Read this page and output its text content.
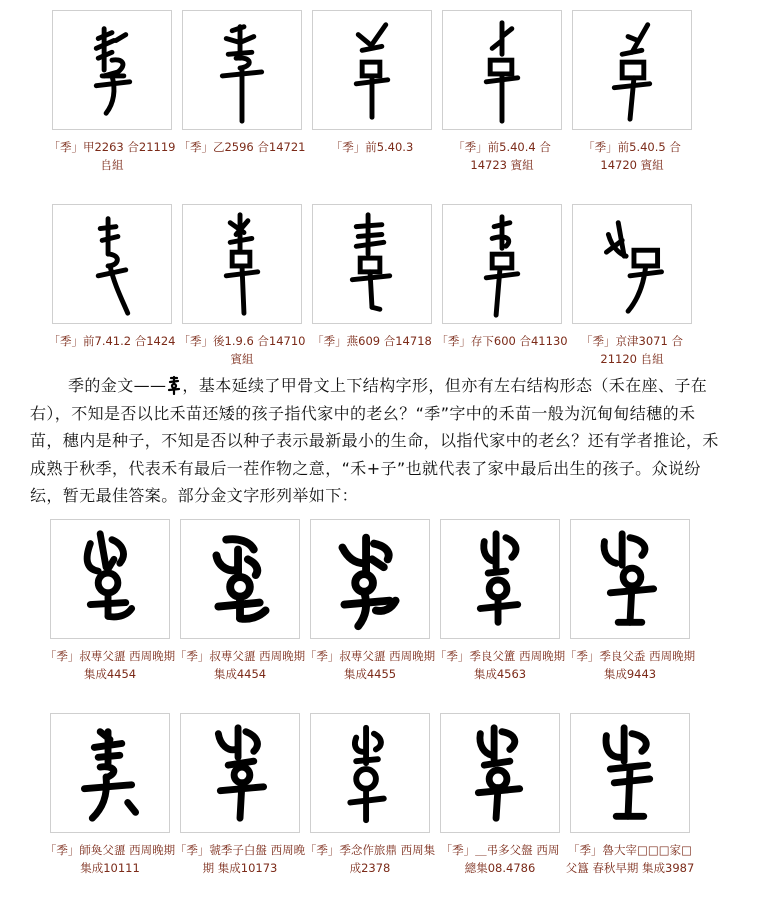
「季」甲2263 合21119 𠂤組
「季」乙2596 合14721	「季」前5.40.3	「季」前5.40.4 合14723 賓組
「季」前5.40.5 合14720 賓組
「季」前7.41.2 合1424 「季」後1.9.6 合14710 賓組
「季」燕609 合14718 「季」存下600 合41130	「季」京津3071 合21120 𠂤組
季的金文—— ，基本延续了甲骨文上下结构字形，但亦有左右结构形态（禾在座、子在右），不知是否以比禾苗还矮的孩子指代家中的老幺？“季”字中的禾苗一般为沉甸甸结穗的禾苗，穗内是种子，不知是否以种子表示最新最小的生命，以指代家中的老幺？还有学者推论，禾成熟于秋季，代表禾有最后一茬作物之意，“禾+子”也就代表了家中最后出生的孩子。众说纷纭，暂无最佳答案。部分金文字形列举如下：
「季」叔尃父盨 西周晚期 集成4454
「季」叔尃父盨 西周晚期 集成4454
「季」叔尃父盨 西周晚期 集成4455
「季」季良父簠 西周晚期 集成4563
「季」季良父盉 西周晚期 集成9443
「季」師奐父盨 西周晚期 集成10111
「季」虢季子白盤 西周晚期 集成10173
「季」季念作旅鼎 西周集成2378
「季」＿弔多父盤 西周 總集08.4786
「季」魯大宰□□□家□父簋 春秋早期 集成3987
